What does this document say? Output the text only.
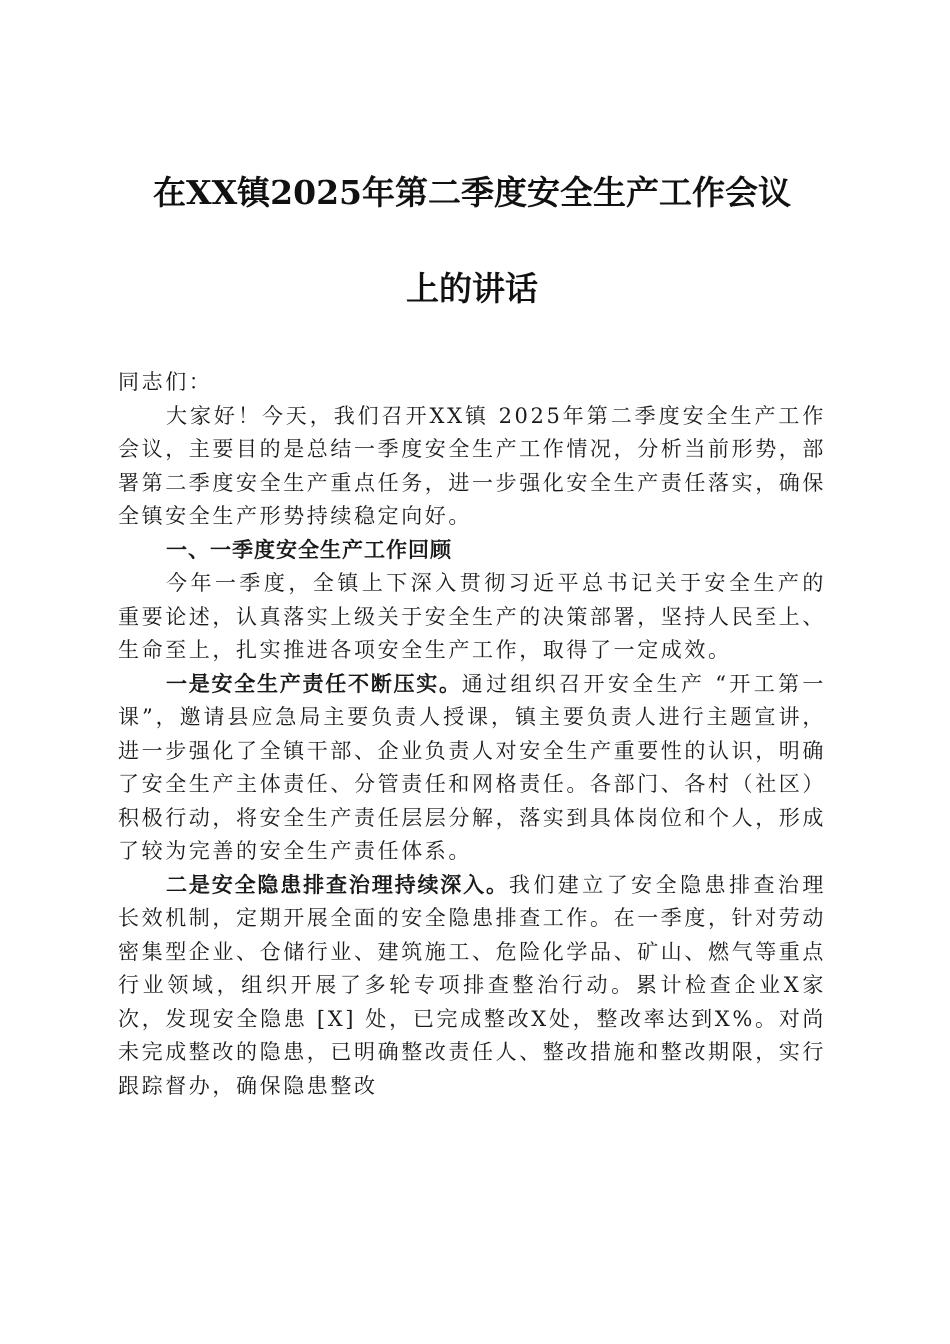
在XX镇2025年第二季度安全生产工作会议
上的讲话

同志们：

大家好！今天，我们召开XX镇 2025年第二季度安全生产工作会议，主要目的是总结一季度安全生产工作情况，分析当前形势，部署第二季度安全生产重点任务，进一步强化安全生产责任落实，确保全镇安全生产形势持续稳定向好。

一、一季度安全生产工作回顾

今年一季度，全镇上下深入贯彻习近平总书记关于安全生产的重要论述，认真落实上级关于安全生产的决策部署，坚持人民至上、生命至上，扎实推进各项安全生产工作，取得了一定成效。

一是安全生产责任不断压实。通过组织召开安全生产 “开工第一课”，邀请县应急局主要负责人授课，镇主要负责人进行主题宣讲，进一步强化了全镇干部、企业负责人对安全生产重要性的认识，明确了安全生产主体责任、分管责任和网格责任。各部门、各村（社区）积极行动，将安全生产责任层层分解，落实到具体岗位和个人，形成了较为完善的安全生产责任体系。

二是安全隐患排查治理持续深入。我们建立了安全隐患排查治理长效机制，定期开展全面的安全隐患排查工作。在一季度，针对劳动密集型企业、仓储行业、建筑施工、危险化学品、矿山、燃气等重点行业领域，组织开展了多轮专项排查整治行动。累计检查企业X家次，发现安全隐患 [X] 处，已完成整改X处，整改率达到X%。对尚未完成整改的隐患，已明确整改责任人、整改措施和整改期限，实行跟踪督办，确保隐患整改
